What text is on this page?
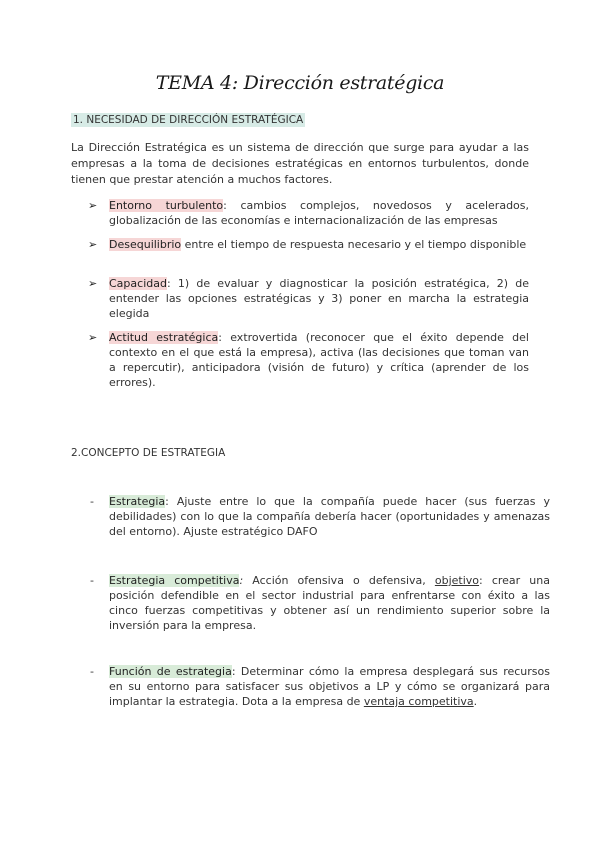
TEMA 4: Dirección estratégica
1. NECESIDAD DE DIRECCIÓN ESTRATÉGICA

La Dirección Estratégica es un sistema de dirección que surge para ayudar a las empresas a la toma de decisiones estratégicas en entornos turbulentos, donde tienen que prestar atención a muchos factores.

➢ Entorno turbulento: cambios complejos, novedosos y acelerados, globalización de las economías e internacionalización de las empresas
➢ Desequilibrio entre el tiempo de respuesta necesario y el tiempo disponible
➢ Capacidad: 1) de evaluar y diagnosticar la posición estratégica, 2) de entender las opciones estratégicas y 3) poner en marcha la estrategia elegida
➢ Actitud estratégica: extrovertida (reconocer que el éxito depende del contexto en el que está la empresa), activa (las decisiones que toman van a repercutir), anticipadora (visión de futuro) y crítica (aprender de los errores).
2.CONCEPTO DE ESTRATEGIA
- Estrategia: Ajuste entre lo que la compañía puede hacer (sus fuerzas y debilidades) con lo que la compañía debería hacer (oportunidades y amenazas del entorno). Ajuste estratégico DAFO
- Estrategia competitiva: Acción ofensiva o defensiva, objetivo: crear una posición defendible en el sector industrial para enfrentarse con éxito a las cinco fuerzas competitivas y obtener así un rendimiento superior sobre la inversión para la empresa.
- Función de estrategia: Determinar cómo la empresa desplegará sus recursos en su entorno para satisfacer sus objetivos a LP y cómo se organizará para implantar la estrategia. Dota a la empresa de ventaja competitiva.
